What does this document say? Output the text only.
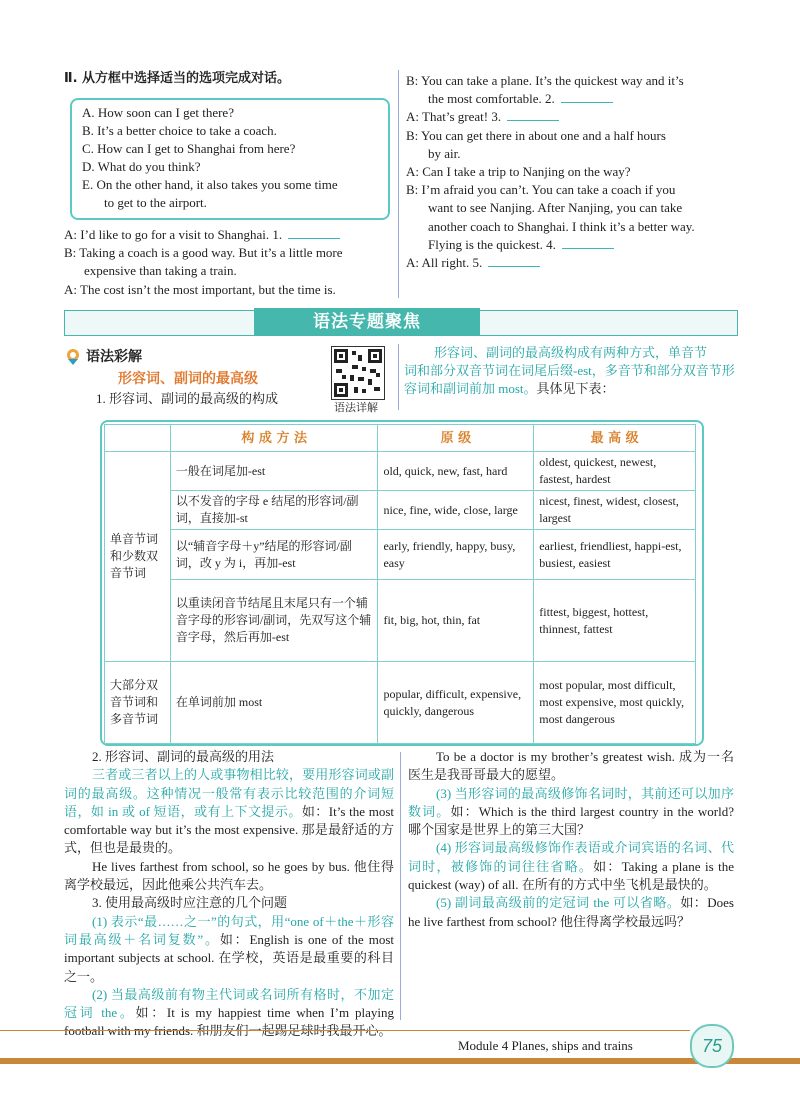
Ⅱ. 从方框中选择适当的选项完成对话。
A. How soon can I get there?
B. It’s a better choice to take a coach.
C. How can I get to Shanghai from here?
D. What do you think?
E. On the other hand, it also takes you some time
to get to the airport.
A: I’d like to go for a visit to Shanghai. 1.
B: Taking a coach is a good way. But it’s a little more
expensive than taking a train.
A: The cost isn’t the most important, but the time is.
B: You can take a plane. It’s the quickest way and it’s
the most comfortable. 2.
A: That’s great! 3.
B: You can get there in about one and a half hours
by air.
A: Can I take a trip to Nanjing on the way?
B: I’m afraid you can’t. You can take a coach if you
want to see Nanjing. After Nanjing, you can take
another coach to Shanghai. I think it’s a better way.
Flying is the quickest. 4.
A: All right. 5.
语法专题聚焦
语法彩解
形容词、副词的最高级
1. 形容词、副词的最高级的构成
语法详解
形容词、副词的最高级构成有两种方式，单音节
词和部分双音节词在词尾后缀-est，多音节和部分双音节形
容词和副词前加 most。具体见下表：
	构 成 方 法	原 级	最 高 级
单音节词和少数双音节词	一般在词尾加-est	old, quick, new, fast, hard	oldest, quickest, newest, fastest, hardest
	以不发音的字母 e 结尾的形容词/副词，直接加-st	nice, fine, wide, close, large	nicest, finest, widest, closest, largest
	以“辅音字母＋y”结尾的形容词/副词，改 y 为 i，再加-est	early, friendly, happy, busy, easy	earliest, friendliest, happi-est, busiest, easiest
	以重读闭音节结尾且末尾只有一个辅音字母的形容词/副词，先双写这个辅音字母，然后再加-est	fit, big, hot, thin, fat	fittest, biggest, hottest, thinnest, fattest
大部分双音节词和多音节词	在单词前加 most	popular, difficult, expensive, quickly, dangerous	most popular, most difficult, most expensive, most quickly, most dangerous
2. 形容词、副词的最高级的用法
三者或三者以上的人或事物相比较，要用形容词或副词的最高级。这种情况一般常有表示比较范围的介词短语，如 in 或 of 短语，或有上下文提示。如：It’s the most comfortable way but it’s the most expensive. 那是最舒适的方式，但也是最贵的。
He lives farthest from school, so he goes by bus. 他住得离学校最远，因此他乘公共汽车去。
3. 使用最高级时应注意的几个问题
(1) 表示“最……之一”的句式，用“one of＋the＋形容词最高级＋名词复数”。如：English is one of the most important subjects at school. 在学校，英语是最重要的科目之一。
(2) 当最高级前有物主代词或名词所有格时，不加定冠词 the。如：It is my happiest time when I’m playing
To be a doctor is my brother’s greatest wish. 成为一名医生是我哥哥最大的愿望。
(3) 当形容词的最高级修饰名词时，其前还可以加序数词。如：Which is the third largest country in the world? 哪个国家是世界上的第三大国？
(4) 形容词最高级修饰作表语或介词宾语的名词、代词时，被修饰的词往往省略。如：Taking a plane is the quickest (way) of all. 在所有的方式中坐飞机是最快的。
(5) 副词最高级前的定冠词 the 可以省略。如：Does he live farthest from school? 他住得离学校最远吗？
Module 4 Planes, ships and trains	75
